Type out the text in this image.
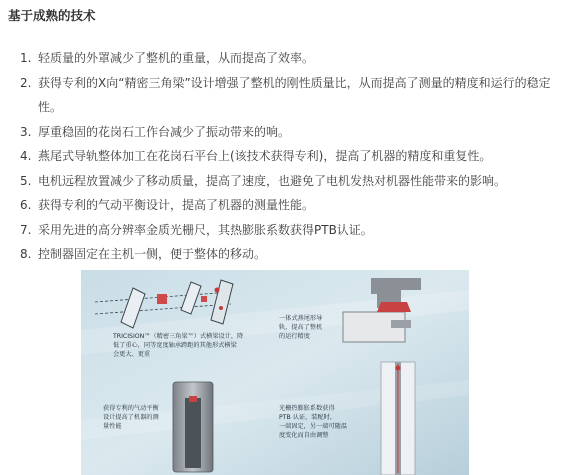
基于成熟的技术
1. 轻质量的外罩减少了整机的重量，从而提高了效率。
2. 获得专利的X向“精密三角梁”设计增强了整机的刚性质量比，从而提高了测量的精度和运行的稳定性。
3. 厚重稳固的花岗石工作台减少了振动带来的响。
4. 燕尾式导轨整体加工在花岗石平台上(该技术获得专利)，提高了机器的精度和重复性。
5. 电机远程放置减少了移动质量，提高了速度，也避免了电机发热对机器性能带来的影响。
6. 获得专利的气动平衡设计，提高了机器的测量性能。
7. 采用先进的高分辨率金质光栅尺，其热膨胀系数获得PTB认证。
8. 控制器固定在主机一侧，便于整体的移动。
TRICISION™（精密三角梁™）式横梁设计，降
低了重心，同等宽度轴承跨距的其他形式横梁
会更大、更重
一体式燕尾形导
轨，提高了整机
的运行精度
获得专利的气动平衡
设计提高了机器的测
量性能
光栅热膨胀系数获得
PTB 认证，装配时，
一端固定，另一端可随温
度变化而自由调整
